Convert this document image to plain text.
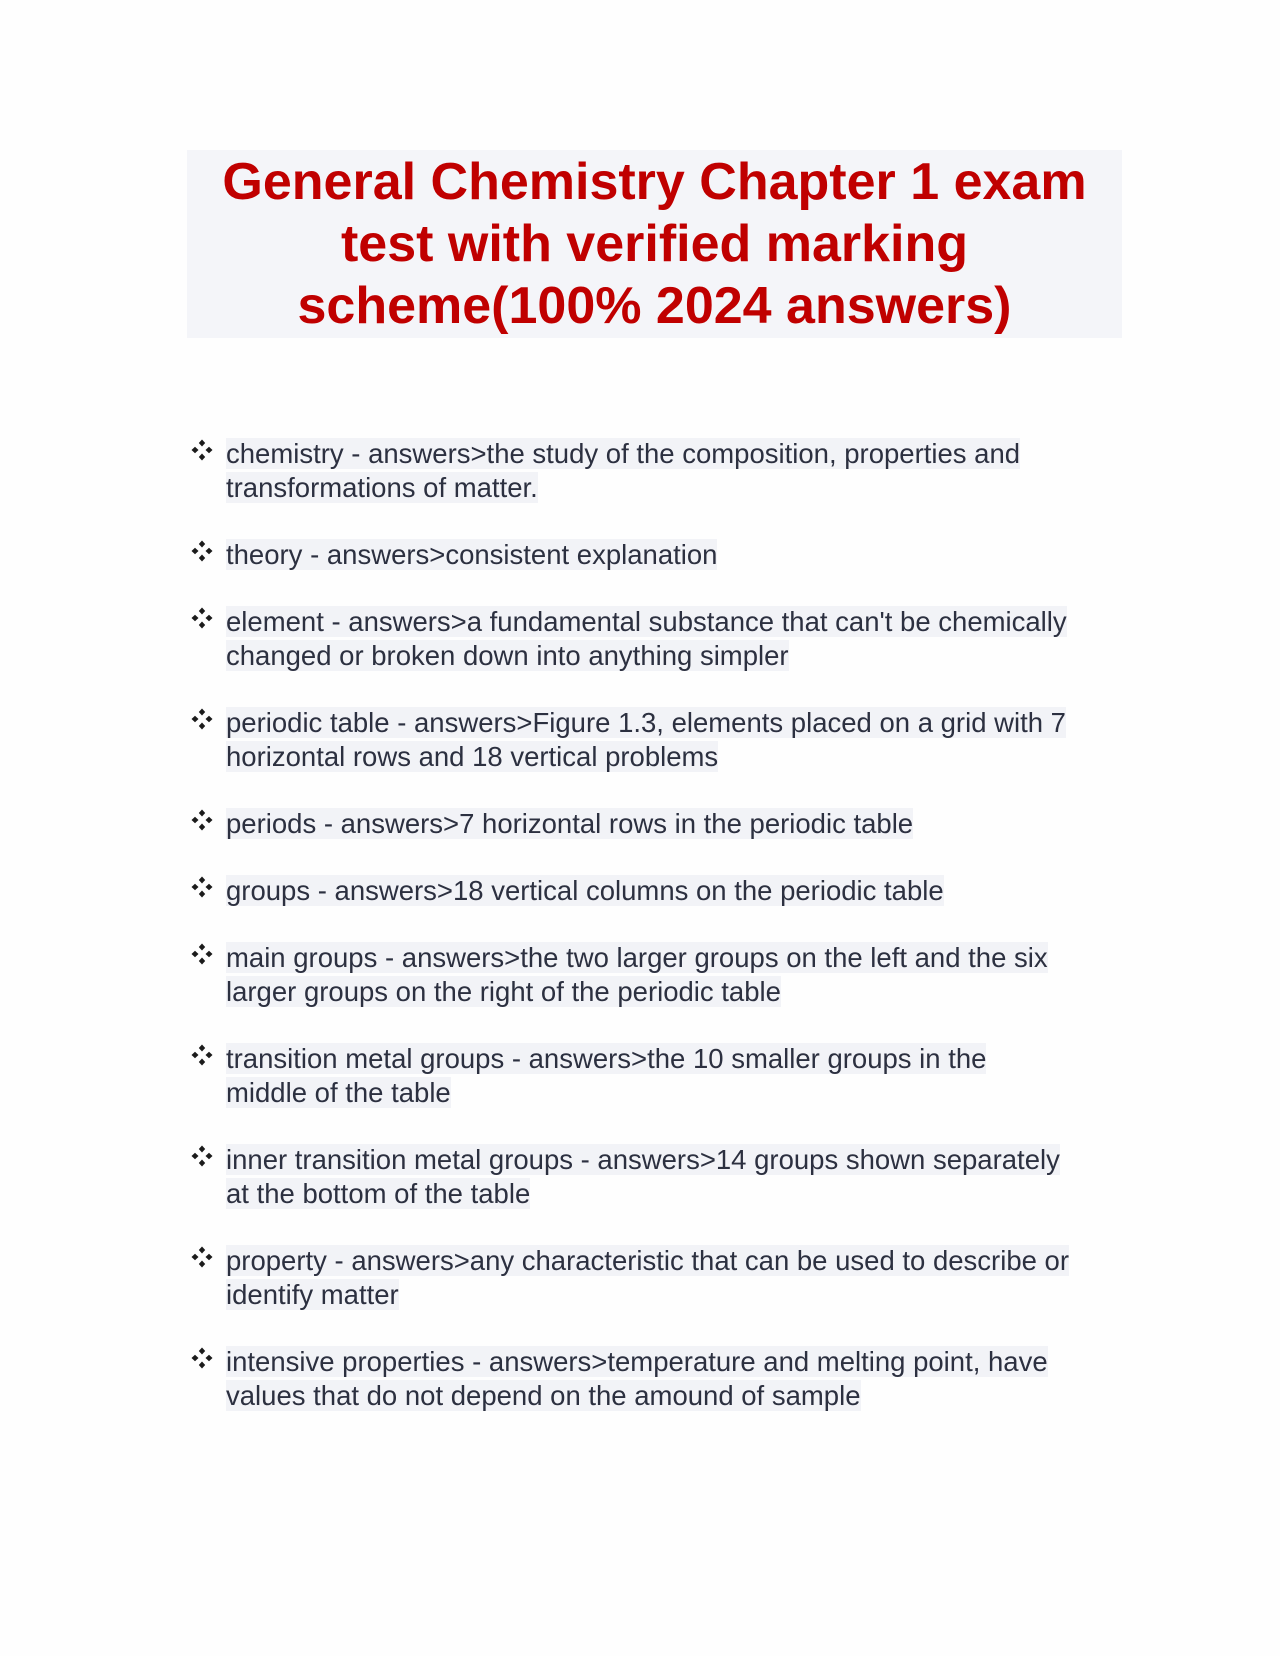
General Chemistry Chapter 1 exam
test with verified marking
scheme(100% 2024 answers)
chemistry - answers>the study of the composition, properties and
transformations of matter.
theory - answers>consistent explanation
element - answers>a fundamental substance that can't be chemically
changed or broken down into anything simpler
periodic table - answers>Figure 1.3, elements placed on a grid with 7
horizontal rows and 18 vertical problems
periods - answers>7 horizontal rows in the periodic table
groups - answers>18 vertical columns on the periodic table
main groups - answers>the two larger groups on the left and the six
larger groups on the right of the periodic table
transition metal groups - answers>the 10 smaller groups in the
middle of the table
inner transition metal groups - answers>14 groups shown separately
at the bottom of the table
property - answers>any characteristic that can be used to describe or
identify matter
intensive properties - answers>temperature and melting point, have
values that do not depend on the amound of sample
